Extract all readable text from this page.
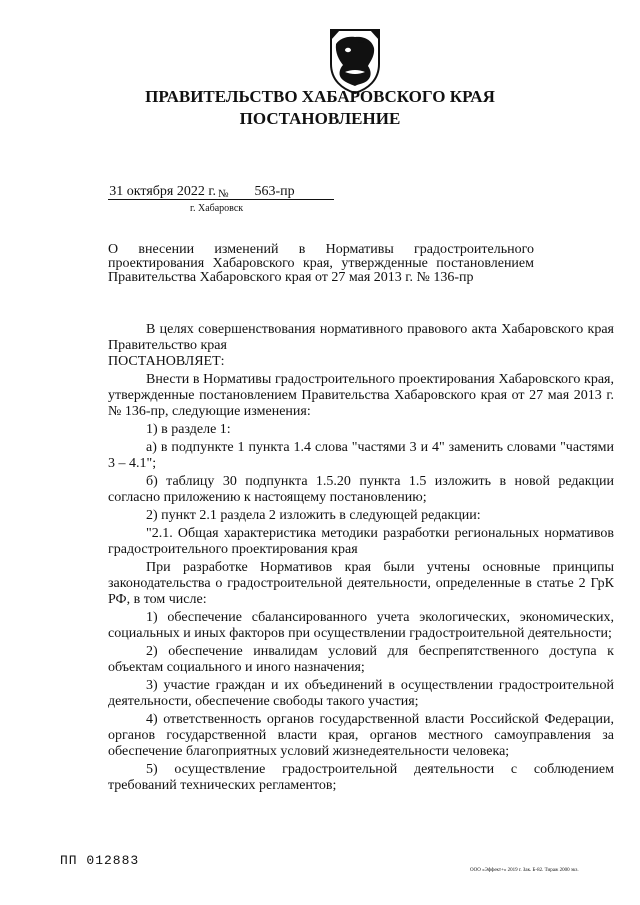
ПРАВИТЕЛЬСТВО ХАБАРОВСКОГО КРАЯ
ПОСТАНОВЛЕНИЕ
31 октября 2022 г. № 563-пр
г. Хабаровск
О внесении изменений в Нормативы градостроительного проектирования Хабаровского края, утвержденные постановлением Правительства Хабаровского края от 27 мая 2013 г. № 136-пр

В целях совершенствования нормативного правового акта Хабаровского края Правительство края

ПОСТАНОВЛЯЕТ:

Внести в Нормативы градостроительного проектирования Хабаровского края, утвержденные постановлением Правительства Хабаровского края от 27 мая 2013 г. № 136-пр, следующие изменения:

1) в разделе 1:

а) в подпункте 1 пункта 1.4 слова "частями 3 и 4" заменить словами "частями 3 – 4.1";

б) таблицу 30 подпункта 1.5.20 пункта 1.5 изложить в новой редакции согласно приложению к настоящему постановлению;

2) пункт 2.1 раздела 2 изложить в следующей редакции:

"2.1. Общая характеристика методики разработки региональных нормативов градостроительного проектирования края

При разработке Нормативов края были учтены основные принципы законодательства о градостроительной деятельности, определенные в статье 2 ГрК РФ, в том числе:

1) обеспечение сбалансированного учета экологических, экономических, социальных и иных факторов при осуществлении градостроительной деятельности;

2) обеспечение инвалидам условий для беспрепятственного доступа к объектам социального и иного назначения;

3) участие граждан и их объединений в осуществлении градостроительной деятельности, обеспечение свободы такого участия;

4) ответственность органов государственной власти Российской Федерации, органов государственной власти края, органов местного самоуправления за обеспечение благоприятных условий жизнедеятельности человека;

5) осуществление градостроительной деятельности с соблюдением требований технических регламентов;

ПП 012883
ООО «Эффект+» 2019 г. Зак. Б-82. Тираж 2000 экз.
